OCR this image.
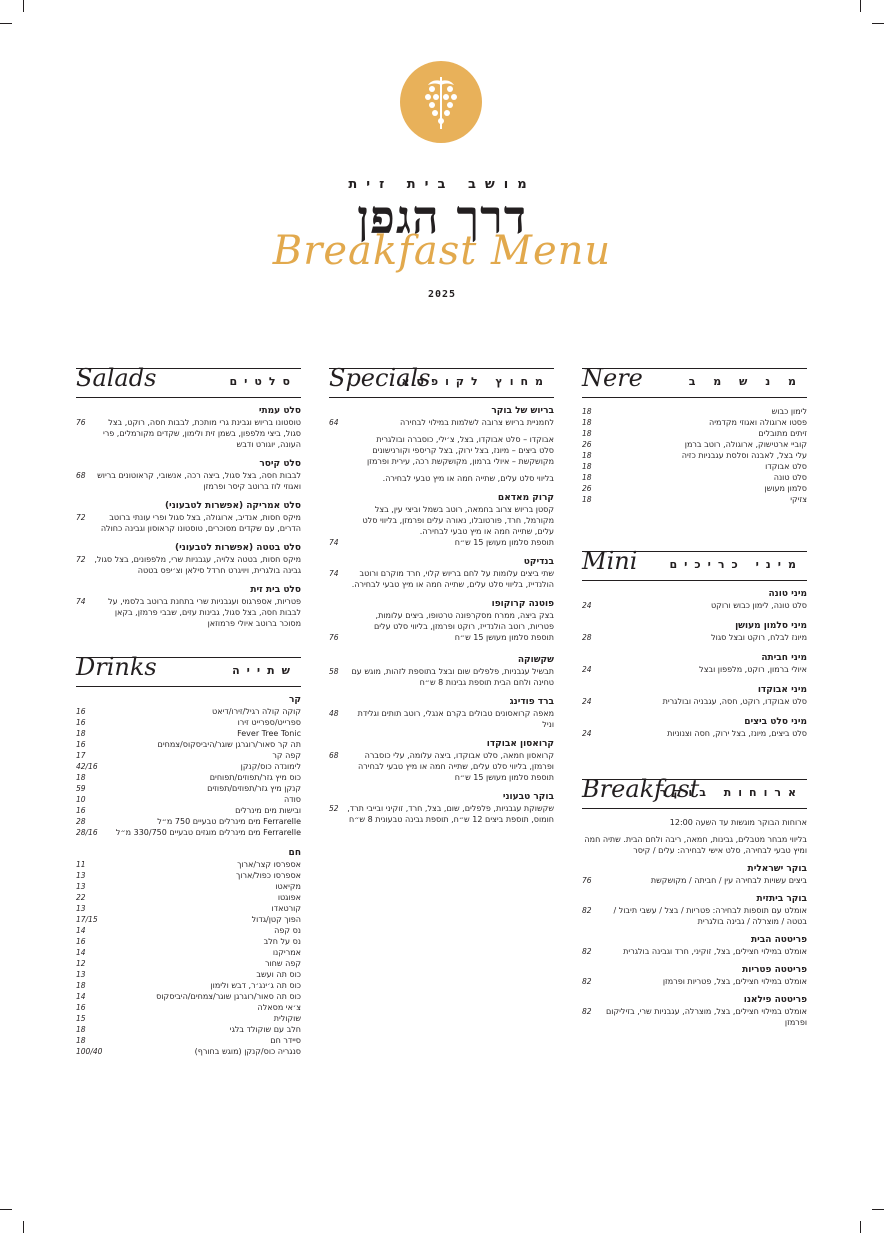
מושב בית זית
דרך הגפן
Breakfast Menu
2025
Nere	מ נ ש מ ב
לימון כבוש
18
פסטו ארוגולה ואגוזי מקדמיה
18
זיתים מתובלים
18
קוביי ארטישוק, ארוגולה, רוטב ברמן
26
עלי בצל, לאבנה וסלסת עגבניות כזיה
18
סלט אבוקדו
18
סלט טונה
18
סלמון מעושן
26
צזיקי
18
Mini	מיני כריכים
מיני טונה
סלט טונה, לימון כבוש ורוקט
24
מיני סלמון מעושן
מיונז לבלח, רוקט ובצל סגול
28
מיני חביתה
איולי ברמון, רוקט, מלפפון ובצל
24
מיני אבוקדו
סלט אבוקדו, רוקט, חסה, עגבניה ובולגרית
24
מיני סלט ביצים
סלט ביצים, מיונז, בצל ירוק, חסה וצנוניות
24
Breakfast
ארוחות בוקר
ארוחות הבוקר מוגשות עד השעה 12:00
בליווי מבחר מטבלים, גבינות, חמאה, ריבה ולחם הבית. שתיה חמה ומיץ טבעי לבחירה, סלט אישי לבחירה: עלים / קיסר
בוקר ישראלית
ביצים עשויות לבחירה עין / חביתה / מקושקשת
76
בוקר ביתזית
אומלט עם תוספות לבחירה: פטריות / בצל / עשבי תיבול / בטטה / מוצרלה / גבינה בולגרית
82
פריטטה הבית
אומלט במילוי חצילים, בצל, זוקיני, חרד וגבינה בולגרית
82
פריטטה פטריות
אומלט במילוי חצילים, בצל, פטריות ופרמזן
82
פריטטה פילאנו
אומלט במילוי חצילים, בצל, מוצרלה, עגבניות שרי, בזיליקום ופרמזן
82
Specials
מחוץ לקופסא
בריוש של בוקר
לחמניית בריוש צרובה לשלמות במילוי לבחירה
64
אבוקדו – סלט אבוקדו, בצל, צ׳ילי, כוסברה ובולגרית
סלט ביצים – מיונז, בצל ירוק, בצל קריספי וקורנישונים
מקושקשת – איולי ברמון, מקושקשת רכה, עירית ופרמזן
בליווי סלט עלים, שתייה חמה או מיץ טבעי לבחירה.
קרוק מאדאם
קסטן בריוש צרוב בחמאה, רוטב בשמל וביצי עין, בצל מקורמל, חרד, פורטובלו, נאורה עלים ופרמזן, בליווי סלט עלים, שתייה חמה או מיץ טבעי לבחירה.
תוספת סלמון מעושן 15 ש״ח
74
בנדיקט
שתי ביצים עלומות על לחם בריוש קלוי, חרד מוקרם ורוטב הולנדייז, בליווי סלט עלים, שתייה חמה או מיץ טבעי לבחירה.
74
פוטנה קרוקופו
בצק ביצה, ממרח מסקרפונה טרטופו, ביצים עלומות, פטריות, רוטב הולנדייז, רוקט ופרמזן, בליווי סלט עלים
תוספת סלמון מעושן 15 ש״ח
76
שקשוקה
תבשיל עגבניות, פלפלים שום ובצל בתוספת לזהות, מוגש עם טחינה ולחם הבית תוספת גבינות 8 ש״ח
58
ברד פודינג
מאפה קרואסונים טבולים בקרם אנגלי, רוטב תותים וגלידת וניל
48
קרואסון אבוקדו
קרואסון חמאה, סלט אבוקדו, ביצה עלומה, עלי כוסברה ופרמזן, בליווי סלט עלים, שתייה חמה או מיץ טבעי לבחירה תוספת סלמון מעושן 15 ש״ח
68
בוקר טבעוני
שקשוקת עגבניות, פלפלים, שום, בצל, חרד, זוקיני ובייבי תרד, חומוס, תוספת ביצים 12 ש״ח, תוספת גבינה טבעונית 8 ש״ח
52
Salads	סלטים
סלט עמתי
טוסטונו בריוש וגבינת גרי מותכת, לבבות חסה, רוקט, בצל סגול, ביצי מלפפון, בשמן זית ולימון, שקדים מקורמלים, פרי העונה, יוגורט ודבש
76
סלט קיסר
לבבות חסה, בצל סגול, ביצה רכה, אנשובי, קראוטונים בריוש ואגוזי לוז ברוטב קיסר ופרמזן
68
סלט אמריקה (אפשרות לטבעוני)
מיקס חסות, אנדיב, ארוגולה, בצל סגול ופרי עונתי ברוטב הדרים, עם שקדים מסוכרים, טוסטונו קראוסון וגבינה כחולה
72
סלט בטטה (אפשרות לטבעוני)
מיקס חסות, בטטה צלויה, עגבניות שרי, מלפפונים, בצל סגול, גבינה בולגרית, ויויגרט חרדל סילאן וצ׳יפס בטטה
72
סלט בית זית
פטריות, אספרגוס ועגבניות שרי בתחנת ברוטב בלסמי, על לבבות חסה, בצל סגול, גבינות עזים, שבבי פרמזן, בקאן מסוכר ברוטב איולי פרמוזאן
74
Drinks	שתייה
קר
קוקה קולה רגיל/זירו/דיאט
16
ספרייט/ספרייט זירו
16
Fever Tree Tonic
18
תה קר סאור/רוגרגן שוגר/היביסקוס/צמחים
16
קפה קר
17
לימונדה כוס/קנקן
42/16
כוס מיץ גזר/תפוזים/תפוחים
18
קנקן מיץ גזר/תפוזים/תפוזים
59
סודה
10
ובישות מים מינרלים
16
Ferrarelle מים מינרלים טבעיים 750 מ״ל
28
Ferrarelle מים מינרלים מוגזים טבעיים 330/750 מ״ל
28/16
חם
אספרסו קצר/ארוך
11
אספרסו כפול/ארוך
13
מקיאטו
13
אפוגטו
22
קורטאדו
13
הפוך קטן/גדול
17/15
נס קפה
14
נס על חלב
16
אמריקנו
14
קפה שחור
12
כוס תה ועשב
13
כוס תה ג׳ינג׳ר, דבש ולימון
18
כוס תה סאור/רוגרגן שוגר/צמחים/היביסקוס
14
צ׳אי מסאלה
16
שוקולית
15
חלב עם שוקולד בלגי
18
סיידר חם
18
סנגריה כוס/קנקן (מוגש בחורף)
100/40
